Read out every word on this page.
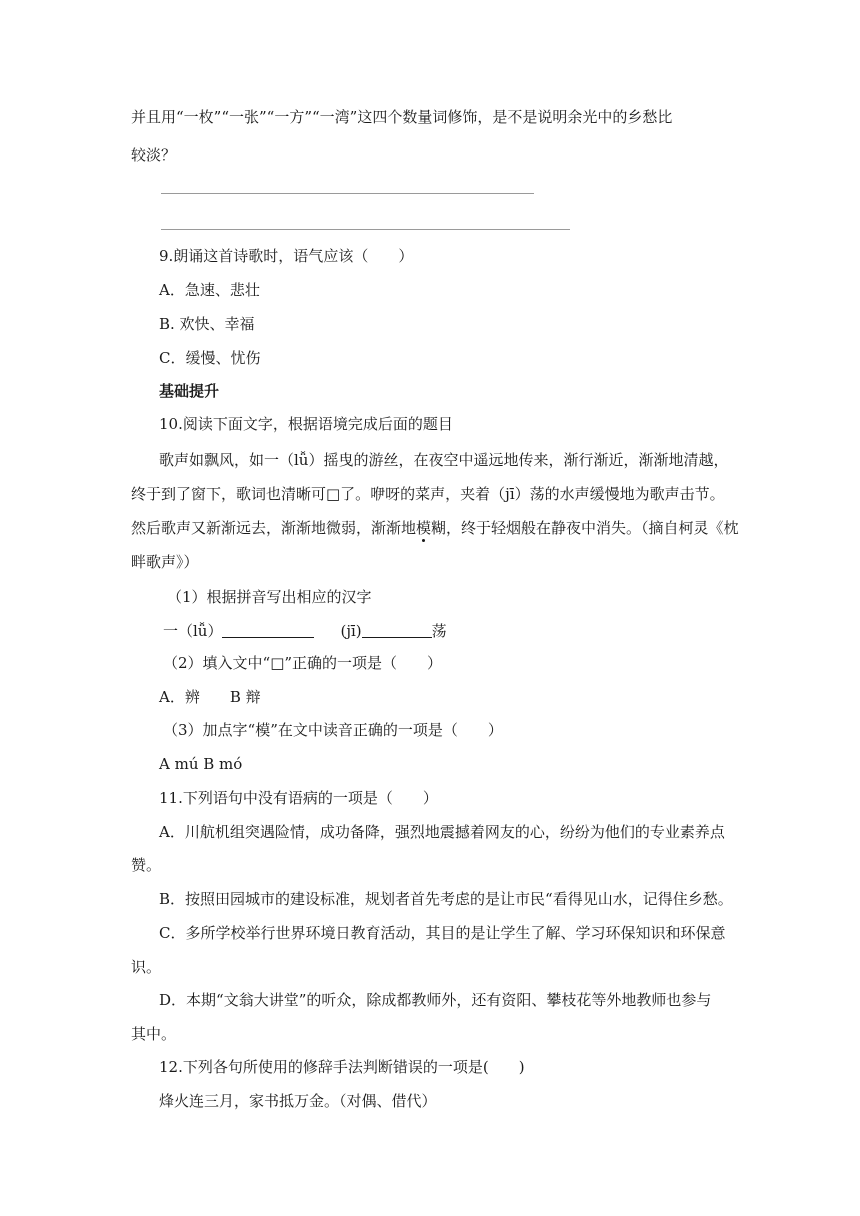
并且用“一枚”“一张”“一方”“一湾”这四个数量词修饰，是不是说明余光中的乡愁比
较淡？
9.朗诵这首诗歌时，语气应该（　　）
A．急速、悲壮
B. 欢快、幸福
C．缓慢、忧伤
基础提升
10.阅读下面文字，根据语境完成后面的题目
歌声如飘风，如一（lǚ）摇曳的游丝，在夜空中遥远地传来，渐行渐近，渐渐地清越，
终于到了窗下，歌词也清晰可□了。咿呀的菜声，夹着（jī）荡的水声缓慢地为歌声击节。
然后歌声又新渐远去，渐渐地微弱，渐渐地模糊，终于轻烟般在静夜中消失。（摘自柯灵《枕
畔歌声》）
（1）根据拼音写出相应的汉字
一（lǚ）	(jī)	荡
（2）填入文中“□”正确的一项是（　　）
A．辨　　B 辩
（3）加点字“模”在文中读音正确的一项是（　　）
A mú B mó
11.下列语句中没有语病的一项是（　　）
A．川航机组突遇险情，成功备降，强烈地震撼着网友的心，纷纷为他们的专业素养点
赞。
B．按照田园城市的建设标准，规划者首先考虑的是让市民“看得见山水，记得住乡愁。
C．多所学校举行世界环境日教育活动，其目的是让学生了解、学习环保知识和环保意
识。
D．本期“文翁大讲堂”的听众，除成都教师外，还有资阳、攀枝花等外地教师也参与
其中。
12.下列各句所使用的修辞手法判断错误的一项是(　　)
烽火连三月，家书抵万金。（对偶、借代）
